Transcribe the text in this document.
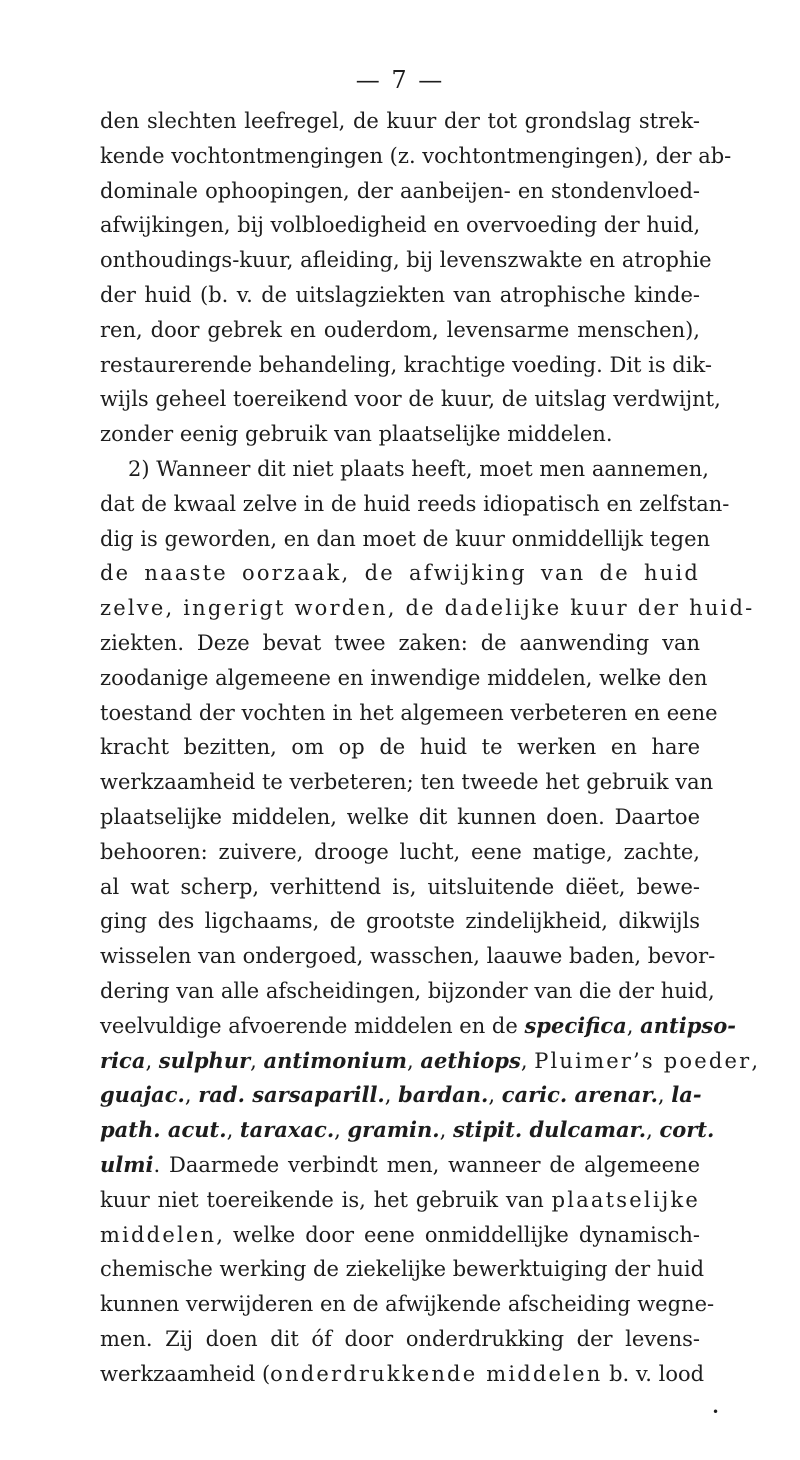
— 7 —
den slechten leefregel, de kuur der tot grondslag strek-
kende vochtontmengingen (z. vochtontmengingen), der ab-
dominale ophoopingen, der aanbeijen- en stondenvloed-
afwijkingen, bij volbloedigheid en overvoeding der huid,
onthoudings-kuur, afleiding, bij levenszwakte en atrophie
der huid (b. v. de uitslagziekten van atrophische kinde-
ren, door gebrek en ouderdom, levensarme menschen),
restaurerende behandeling, krachtige voeding. Dit is dik-
wijls geheel toereikend voor de kuur, de uitslag verdwijnt,
zonder eenig gebruik van plaatselijke middelen.
2) Wanneer dit niet plaats heeft, moet men aannemen,
dat de kwaal zelve in de huid reeds idiopatisch en zelfstan-
dig is geworden, en dan moet de kuur onmiddellijk tegen
de naaste oorzaak, de afwijking van de huid
zelve, ingerigt worden, de dadelijke kuur der huid-
ziekten. Deze bevat twee zaken: de aanwending van
zoodanige algemeene en inwendige middelen, welke den
toestand der vochten in het algemeen verbeteren en eene
kracht bezitten, om op de huid te werken en hare
werkzaamheid te verbeteren; ten tweede het gebruik van
plaatselijke middelen, welke dit kunnen doen. Daartoe
behooren: zuivere, drooge lucht, eene matige, zachte,
al wat scherp, verhittend is, uitsluitende diëet, bewe-
ging des ligchaams, de grootste zindelijkheid, dikwijls
wisselen van ondergoed, wasschen, laauwe baden, bevor-
dering van alle afscheidingen, bijzonder van die der huid,
veelvuldige afvoerende middelen en de specifica, antipso-
rica, sulphur, antimonium, aethiops, Pluimer’s poeder,
guajac., rad. sarsaparill., bardan., caric. arenar., la-
path. acut., taraxac., gramin., stipit. dulcamar., cort.
ulmi. Daarmede verbindt men, wanneer de algemeene
kuur niet toereikende is, het gebruik van plaatselijke
middelen, welke door eene onmiddellijke dynamisch-
chemische werking de ziekelijke bewerktuiging der huid
kunnen verwijderen en de afwijkende afscheiding wegne-
men. Zij doen dit óf door onderdrukking der levens-
werkzaamheid (onderdrukkende middelen b. v. lood
•
